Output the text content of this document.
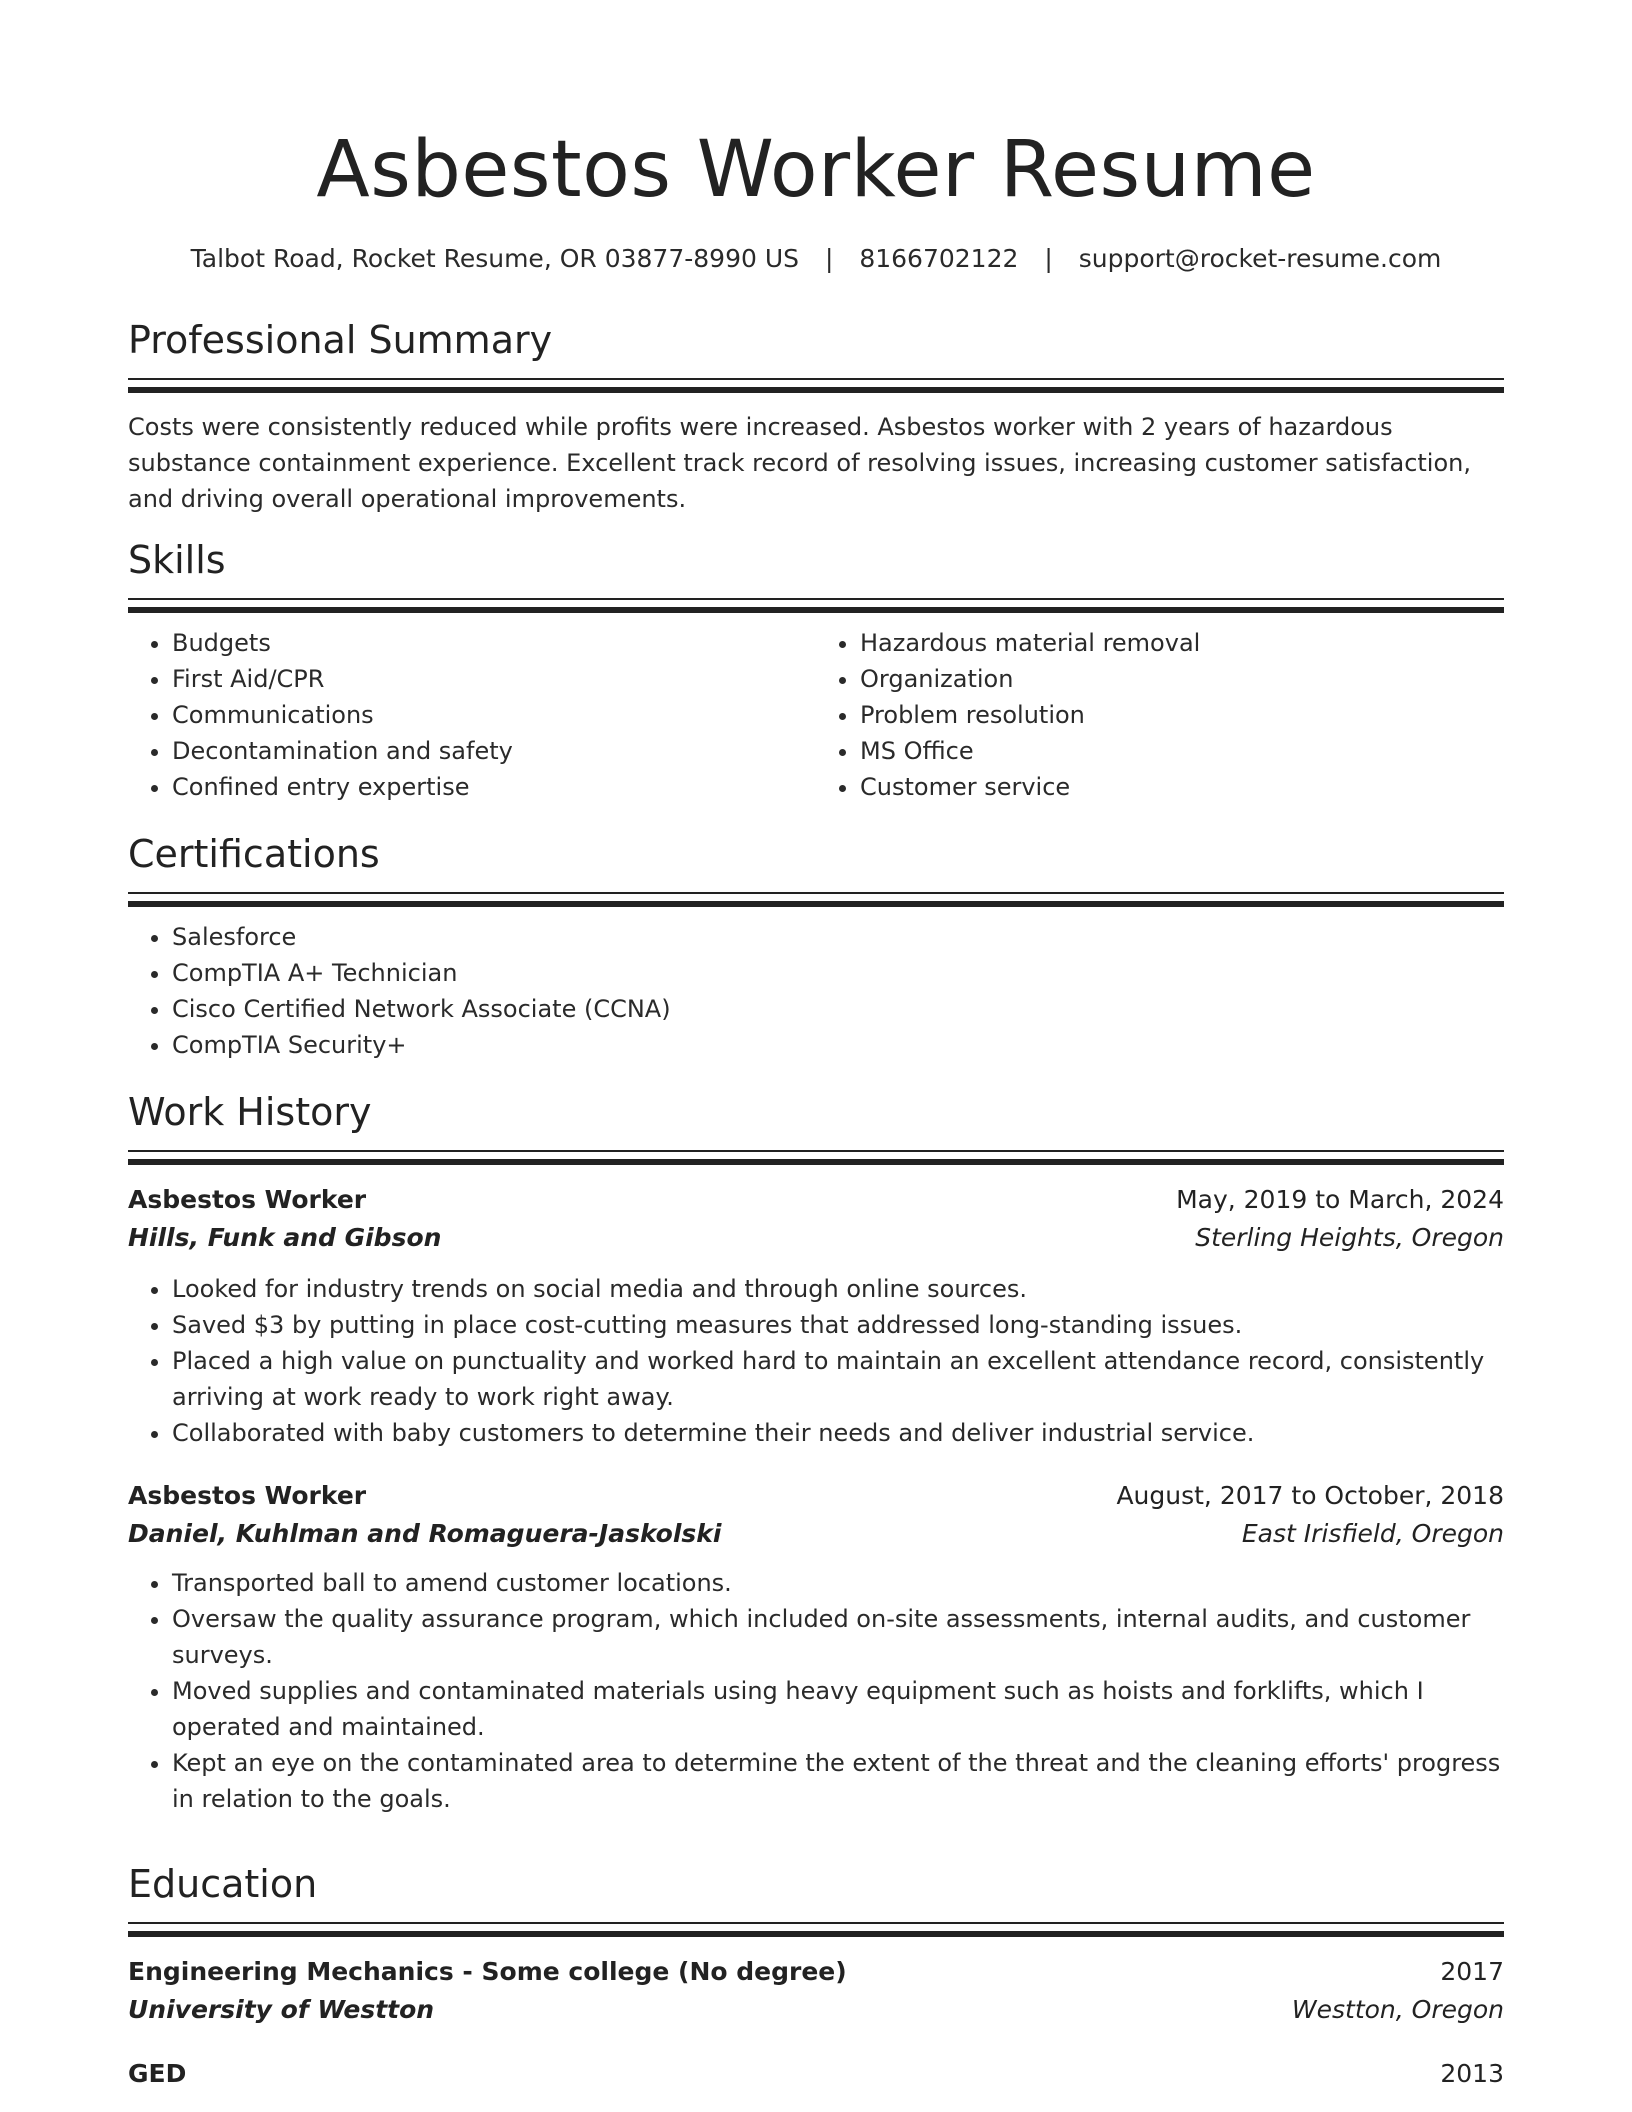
Asbestos Worker Resume
Talbot Road, Rocket Resume, OR 03877-8990 US | 8166702122 | support@rocket-resume.com
Professional Summary

Costs were consistently reduced while profits were increased. Asbestos worker with 2 years of hazardous substance containment experience. Excellent track record of resolving issues, increasing customer satisfaction, and driving overall operational improvements.

Skills
• Budgets
• First Aid/CPR
• Communications
• Decontamination and safety
• Confined entry expertise
• Hazardous material removal
• Organization
• Problem resolution
• MS Office
• Customer service
Certifications
• Salesforce
• CompTIA A+ Technician
• Cisco Certified Network Associate (CCNA)
• CompTIA Security+
Work History
Asbestos Worker	May, 2019 to March, 2024
Hills, Funk and Gibson	Sterling Heights, Oregon
• Looked for industry trends on social media and through online sources.
• Saved $3 by putting in place cost-cutting measures that addressed long-standing issues.
• Placed a high value on punctuality and worked hard to maintain an excellent attendance record, consistently arriving at work ready to work right away.
• Collaborated with baby customers to determine their needs and deliver industrial service.
Asbestos Worker	August, 2017 to October, 2018
Daniel, Kuhlman and Romaguera-Jaskolski	East Irisfield, Oregon
• Transported ball to amend customer locations.
• Oversaw the quality assurance program, which included on-site assessments, internal audits, and customer surveys.
• Moved supplies and contaminated materials using heavy equipment such as hoists and forklifts, which I operated and maintained.
• Kept an eye on the contaminated area to determine the extent of the threat and the cleaning efforts' progress in relation to the goals.
Education
Engineering Mechanics - Some college (No degree)	2017
University of Westton	Westton, Oregon
GED	2013
